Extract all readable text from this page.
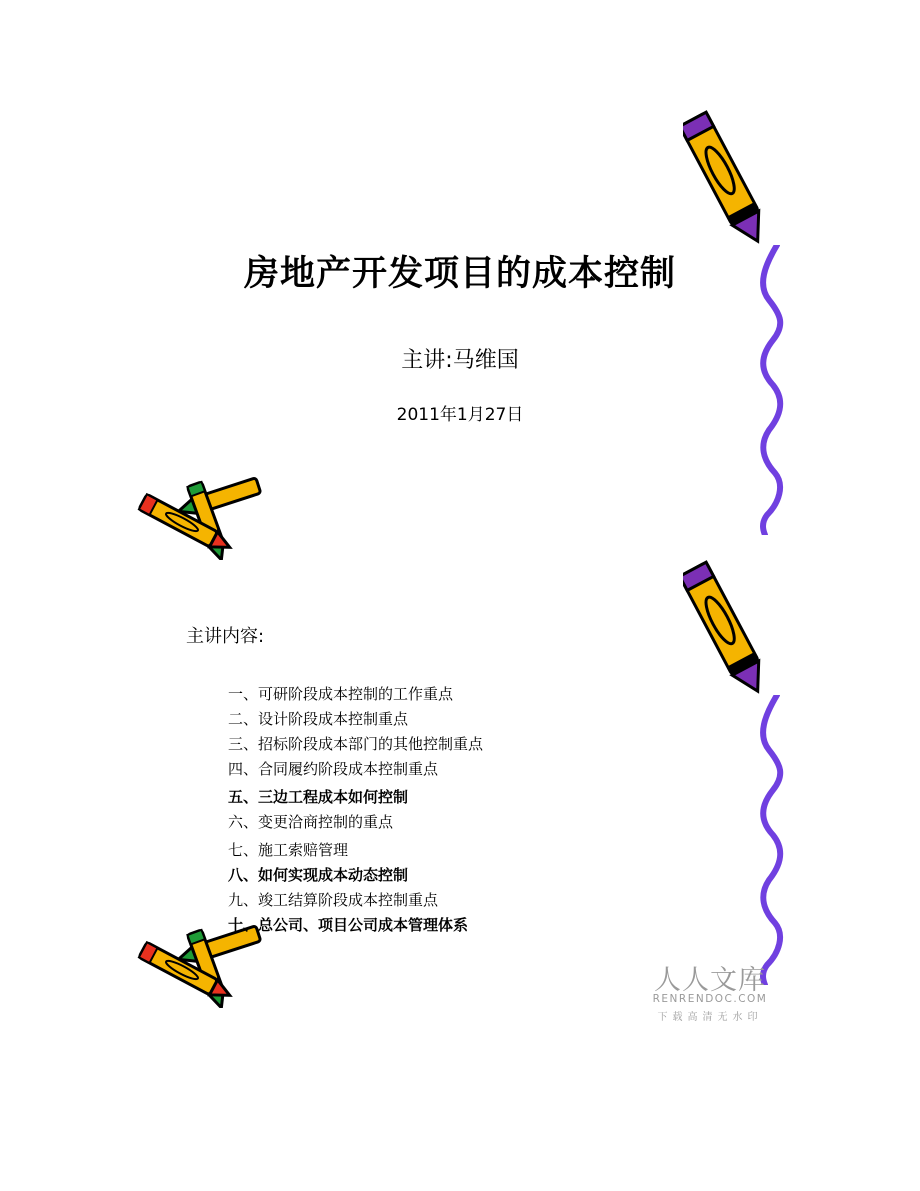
房地产开发项目的成本控制
主讲:马维国
2011年1月27日
主讲内容:
一、可研阶段成本控制的工作重点
二、设计阶段成本控制重点
三、招标阶段成本部门的其他控制重点
四、合同履约阶段成本控制重点
五、三边工程成本如何控制
六、变更洽商控制的重点
七、施工索赔管理
八、如何实现成本动态控制
九、竣工结算阶段成本控制重点
十、总公司、项目公司成本管理体系
人人文库
RENRENDOC.COM
下载高清无水印
